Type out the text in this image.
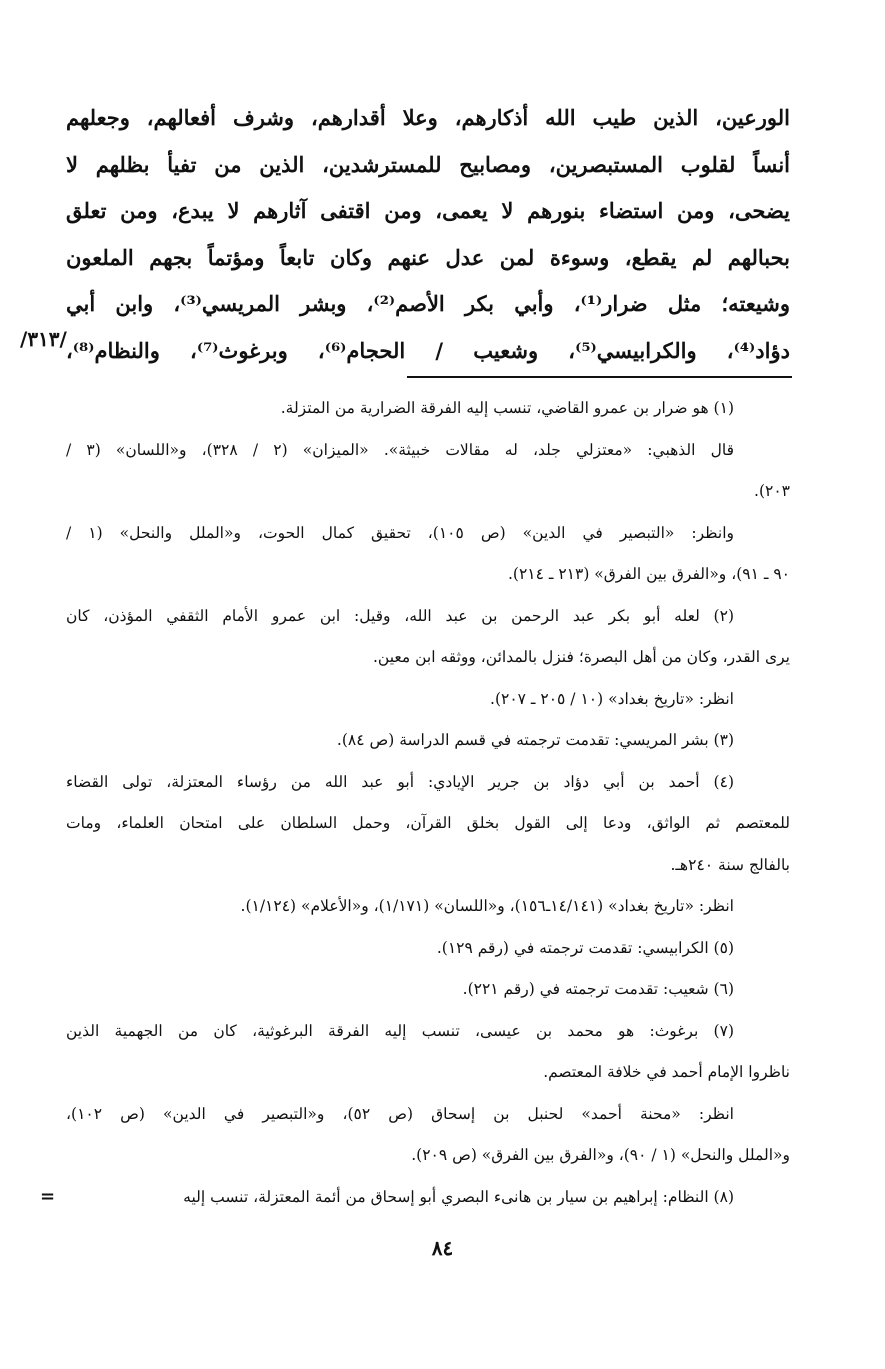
الورعين، الذين طيب الله أذكارهم، وعلا أقدارهم، وشرف أفعالهم، وجعلهم
أنساً لقلوب المستبصرين، ومصابيح للمسترشدين، الذين من تفيأ بظلهم لا
يضحى، ومن استضاء بنورهم لا يعمى، ومن اقتفى آثارهم لا يبدع، ومن تعلق
بحبالهم لم يقطع، وسوءة لمن عدل عنهم وكان تابعاً ومؤتماً بجهم الملعون
وشيعته؛ مثل ضرار⁽¹⁾، وأبي بكر الأصم⁽²⁾، وبشر المريسي⁽³⁾، وابن أبي
دؤاد⁽⁴⁾، والكرابيسي⁽⁵⁾، وشعيب / الحجام⁽⁶⁾، وبرغوث⁽⁷⁾، والنظام⁽⁸⁾،
/٣١٣/
(١) هو ضرار بن عمرو القاضي، تنسب إليه الفرقة الضرارية من المتزلة.
قال الذهبي: «معتزلي جلد، له مقالات خبيثة». «الميزان» (٢ / ٣٢٨)، و«اللسان» (٣ /
٢٠٣).
وانظر: «التبصير في الدين» (ص ١٠٥)، تحقيق كمال الحوت، و«الملل والنحل» (١ /
٩٠ ـ ٩١)، و«الفرق بين الفرق» (٢١٣ ـ ٢١٤).
(٢) لعله أبو بكر عبد الرحمن بن عبد الله، وقيل: ابن عمرو الأمام الثقفي المؤذن، كان
يرى القدر، وكان من أهل البصرة؛ فنزل بالمدائن، ووثقه ابن معين.
انظر: «تاريخ بغداد» (١٠ / ٢٠٥ ـ ٢٠٧).
(٣) بشر المريسي: تقدمت ترجمته في قسم الدراسة (ص ٨٤).
(٤) أحمد بن أبي دؤاد بن جرير الإيادي: أبو عبد الله من رؤساء المعتزلة، تولى القضاء
للمعتصم ثم الواثق، ودعا إلى القول بخلق القرآن، وحمل السلطان على امتحان العلماء، ومات
بالفالج سنة ٢٤٠هـ.
انظر: «تاريخ بغداد» (١٤/١٤١ـ١٥٦)، و«اللسان» (١/١٧١)، و«الأعلام» (١/١٢٤).
(٥) الكرابيسي: تقدمت ترجمته في (رقم ١٢٩).
(٦) شعيب: تقدمت ترجمته في (رقم ٢٢١).
(٧) برغوث: هو محمد بن عيسى، تنسب إليه الفرقة البرغوثية، كان من الجهمية الذين
ناظروا الإمام أحمد في خلافة المعتصم.
انظر: «محنة أحمد» لحنبل بن إسحاق (ص ٥٢)، و«التبصير في الدين» (ص ١٠٢)،
و«الملل والنحل» (١ / ٩٠)، و«الفرق بين الفرق» (ص ٢٠٩).
(٨) النظام: إبراهيم بن سيار بن هانىء البصري أبو إسحاق من أئمة المعتزلة، تنسب إليه
=
٨٤
